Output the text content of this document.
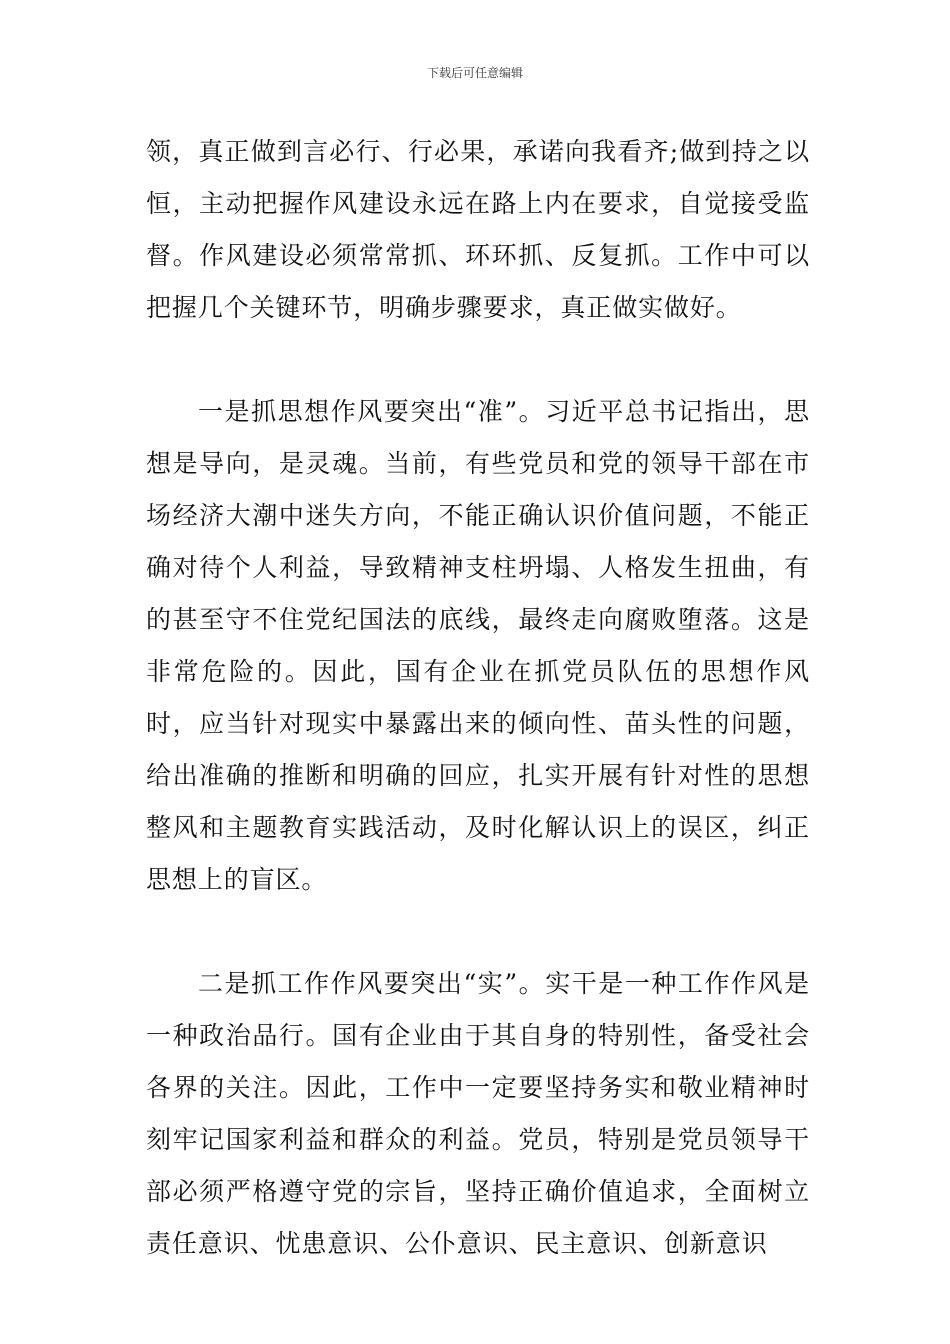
下载后可任意编辑

领，真正做到言必行、行必果，承诺向我看齐;做到持之以恒，主动把握作风建设永远在路上内在要求，自觉接受监督。作风建设必须常常抓、环环抓、反复抓。工作中可以把握几个关键环节，明确步骤要求，真正做实做好。

一是抓思想作风要突出“准”。习近平总书记指出，思想是导向，是灵魂。当前，有些党员和党的领导干部在市场经济大潮中迷失方向，不能正确认识价值问题，不能正确对待个人利益，导致精神支柱坍塌、人格发生扭曲，有的甚至守不住党纪国法的底线，最终走向腐败堕落。这是非常危险的。因此，国有企业在抓党员队伍的思想作风时，应当针对现实中暴露出来的倾向性、苗头性的问题，给出准确的推断和明确的回应，扎实开展有针对性的思想整风和主题教育实践活动，及时化解认识上的误区，纠正思想上的盲区。

二是抓工作作风要突出“实”。实干是一种工作作风是一种政治品行。国有企业由于其自身的特别性，备受社会各界的关注。因此，工作中一定要坚持务实和敬业精神时刻牢记国家利益和群众的利益。党员，特别是党员领导干部必须严格遵守党的宗旨，坚持正确价值追求，全面树立责任意识、忧患意识、公仆意识、民主意识、创新意识
